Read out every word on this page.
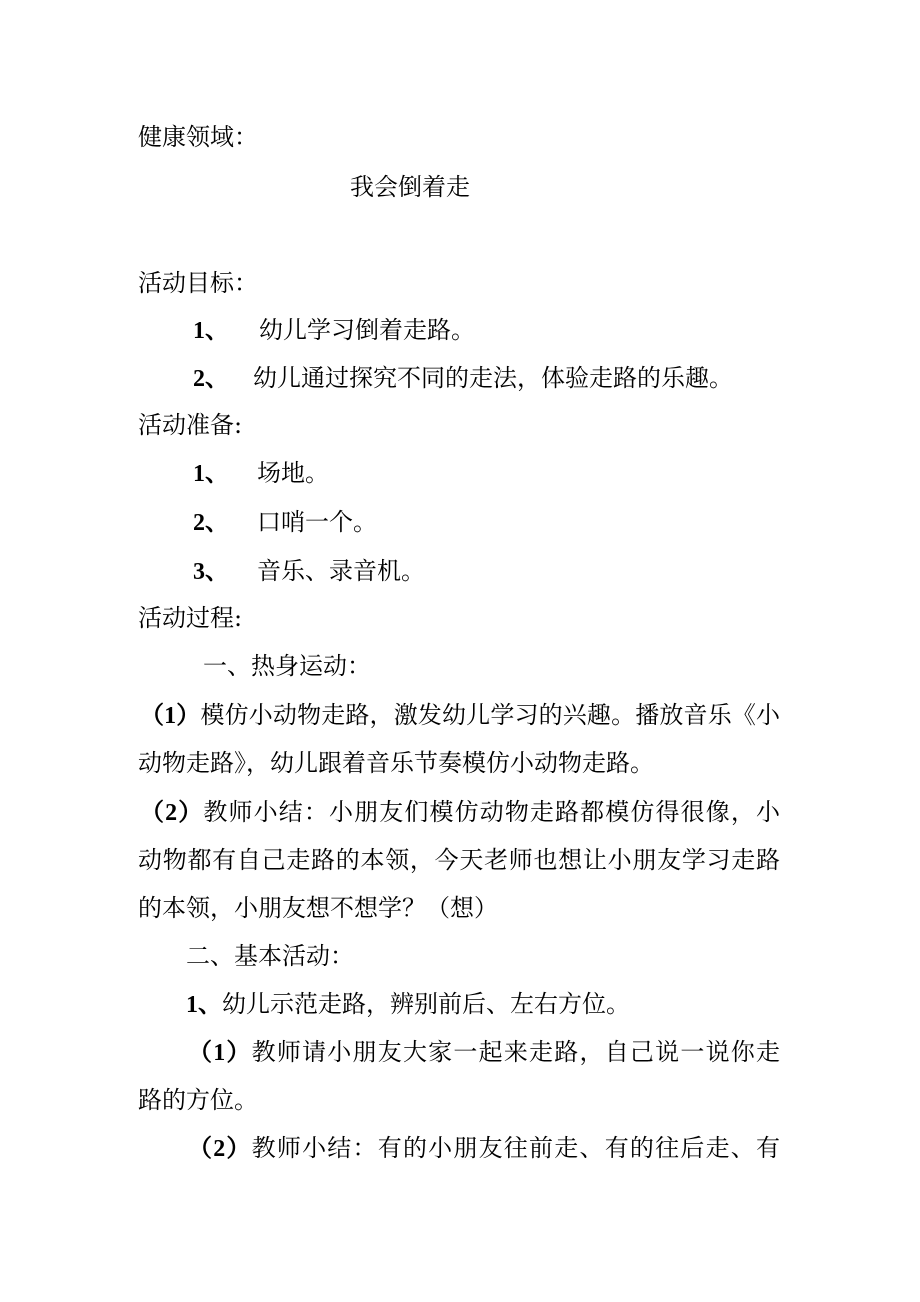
健康领域：
我会倒着走
活动目标：
1、 幼儿学习倒着走路。
2、 幼儿通过探究不同的走法，体验走路的乐趣。
活动准备:
1、 场地。
2、 口哨一个。
3、 音乐、录音机。
活动过程:
一、热身运动：
（1）模仿小动物走路，激发幼儿学习的兴趣。播放音乐《小
动物走路》，幼儿跟着音乐节奏模仿小动物走路。
（2）教师小结：小朋友们模仿动物走路都模仿得很像，小
动物都有自己走路的本领，今天老师也想让小朋友学习走路
的本领，小朋友想不想学？（想）
二、基本活动：
1、幼儿示范走路，辨别前后、左右方位。
（1）教师请小朋友大家一起来走路，自己说一说你走
路的方位。
（2）教师小结：有的小朋友往前走、有的往后走、有
